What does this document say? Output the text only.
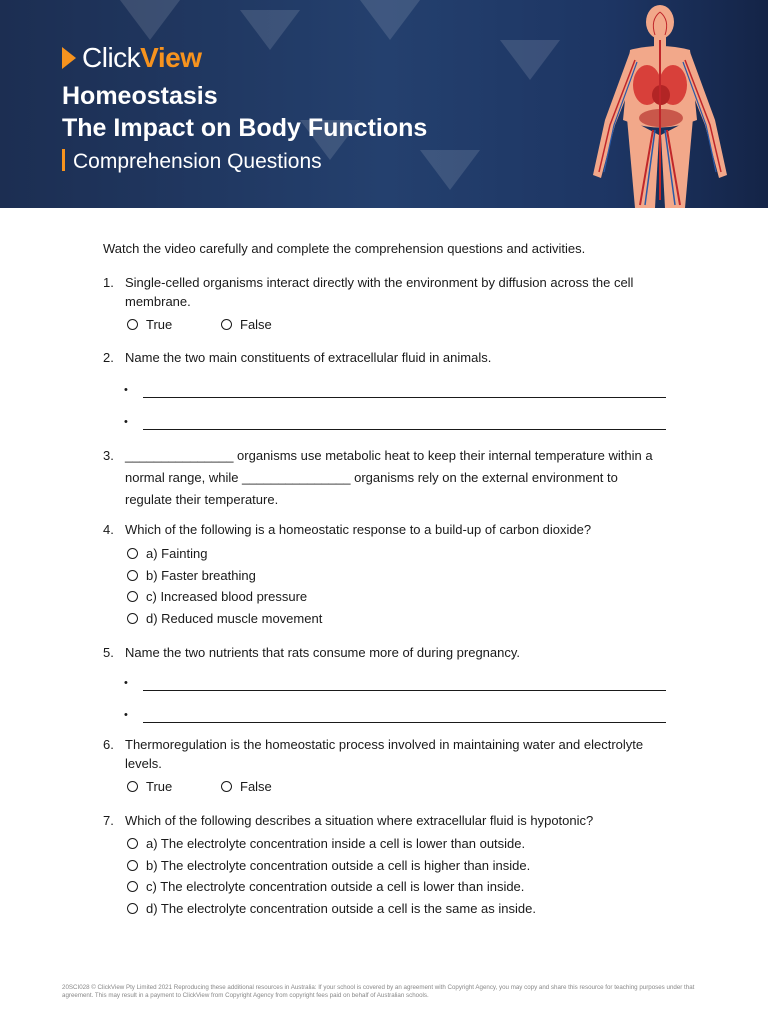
Click View
Homeostasis
The Impact on Body Functions
Comprehension Questions
Watch the video carefully and complete the comprehension questions and activities.
1. Single-celled organisms interact directly with the environment by diffusion across the cell membrane.
True	False
2. Name the two main constituents of extracellular fluid in animals.
•
•
3. _______________ organisms use metabolic heat to keep their internal temperature within a normal range, while _______________ organisms rely on the external environment to regulate their temperature.
4. Which of the following is a homeostatic response to a build-up of carbon dioxide?
a) Fainting
b) Faster breathing
c) Increased blood pressure
d) Reduced muscle movement
5. Name the two nutrients that rats consume more of during pregnancy.
•
•
6. Thermoregulation is the homeostatic process involved in maintaining water and electrolyte levels.
True	False
7. Which of the following describes a situation where extracellular fluid is hypotonic?
a) The electrolyte concentration inside a cell is lower than outside.
b) The electrolyte concentration outside a cell is higher than inside.
c) The electrolyte concentration outside a cell is lower than inside.
d) The electrolyte concentration outside a cell is the same as inside.
20SCI028 © ClickView Pty Limited 2021 Reproducing these additional resources in Australia: If your school is covered by an agreement with Copyright Agency, you may copy and share this resource for teaching purposes under that agreement. This may result in a payment to ClickView from Copyright Agency from copyright fees paid on behalf of Australian schools.
